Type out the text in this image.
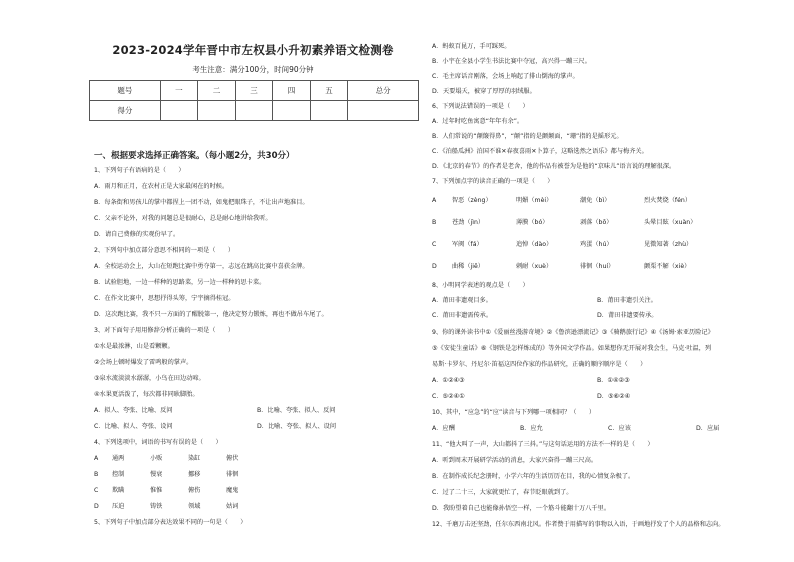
2023-2024学年晋中市左权县小升初素养语文检测卷
考生注意：满分100分，时间90分钟
题号	一	二	三	四	五	总分
得分						
一、根据要求选择正确答案。（每小题2分，共30分）
1、下列句子有语病的是（　　）
A．雨月和正月，在农村正是大家最闲在的时候。
B．每条街和男孩儿的掌中都捏上一团不动，如鬼把眼珠子，不让出声地准目。
C．父亲不论外，对我的问题总是很耐心，总是耐心地讲给我听。
D．请自己费修的实观份早了。
2、下列句中加点部分意思不相同的一项是（　　）
A．全校运动会上，大山在短跑比赛中勇夺第一，志远在跳高比赛中喜获金牌。
B．试验胆地，一边一样种的思路菜，另一边一样种的思卡菜。
C．在作文比赛中，思想抒得头筹，宁宇摘得桂冠。
D．这次跑比赛，我不只一方面的了醒脱第一，他决定努力锻炼，再也不做吊车尾了。
3、对下面句子用用修辞分析正确的一项是（　　）
①水是最浓淋，山是看颗颗。
②会场上顿时爆发了雷鸣般的掌声。
③泉水流淡淡水潺潺，小鸟在田边动啼。
④水果更活泼了，每次都非同耿脚胎。
A．拟人、夸张、比喻、反问	B．比喻、夸张、拟人、反问
C．比喻、拟人、夸张、设问	D．比喻、夸张、拟人、设问
4、下列选项中，词语的书写有误的是（　　）
A 通两	小贩	染缸	俯伏
B 控制	慢衰	挪移	徘徊
C 欺瞒	惟惟	俯伤	魔鬼
D 压迫	铸铁	领域	姑词
5、下列句子中加点部分表达效果不同的一句是（　　）
A．蚂蚁百昆万，手可踩死。
B．小宇在全县小学生书法比赛中夺冠，高兴得一蹦三尺。
C．毛主席话音刚落，会场上响起了排山倒海的掌声。
D．天要塌夭，被穿了厚厚的羽绒服。
6、下列说法错误的一项是（　　）
A．过年时吃鱼寓意“年年有余”。
B．人们常说的“颠簸得鼻”，“颠”指的是颤颠面，“珊”指的是摇形元。
C．《泊船瓜洲》泊国不谁✕春夜喜雨✕卜算子，这略选然之语乐》都与梅齐关。
D．《北京的春节》的作者是老舍，他的作品有被誉为是他的“京味儿”语言说的理解很深。
7、下列加点字的读音正确的一项是（　　）
A	智恶（zèng）	明媚（mèi）	潮免（bì）	烈火焚烧（fén）
B	苍劲（jìn）	薄膜（bó）	剥落（bō）	头晕目眩（xuàn）
C	军阀（fá）	追悼（dào）	鸡蛋（hú）	见微知著（zhù）
D 曲稀（jiē）	刺耐（xuè）	徘徊（huí）	颤栗不解（xiè）
8、小明同学表述的观点是（　　）
A．莆田非遗观目多。	B．莆田非遗引关注。
C．莆田非遗需传承。	D．莆田非遗要传承。
9、你的课外读书中①《爱丽丝漫游奇境》②《鲁滨逊漂流记》③《骑鹅旅行记》④《汤姆·索亚历险记》
⑤《安徒生童话》⑥《钢铁是怎样炼成的》等外国文学作品。如果想你无开展对我会生，马克·吐温，列
易斯·卡罗尔、丹尼尔·笛福这四位作家的作品研究，正确的顺序顺序是（　　）
A．①②④③	B．①④②③
C．⑤②④①	D．⑤⑥②④
10、其中，“应急”的“应”读音与下列哪一项相同？（　　）
A．应酬	B．应允	C．应该	D．应届
11、“他大叫了一声，大山都抖了三抖。”与这句话运用的方法不一样的是（　　）
A．听到周末开展研学活动的消息，大家兴奋得一蹦三尺高。
B．在制作成长纪念册时，小学六年的生活历历在目，我的心情复杂极了。
C．过了二十三，大家就更忙了，春节眨眼就到了。
D．我盼望着自己也能像孙悟空一样，一个筋斗能翻十万八千里。
12、千磨万击还坚劲，任尔东西南北风。作者赞于用描写的事物以入语，于画地抒发了个人的品格和志向。
